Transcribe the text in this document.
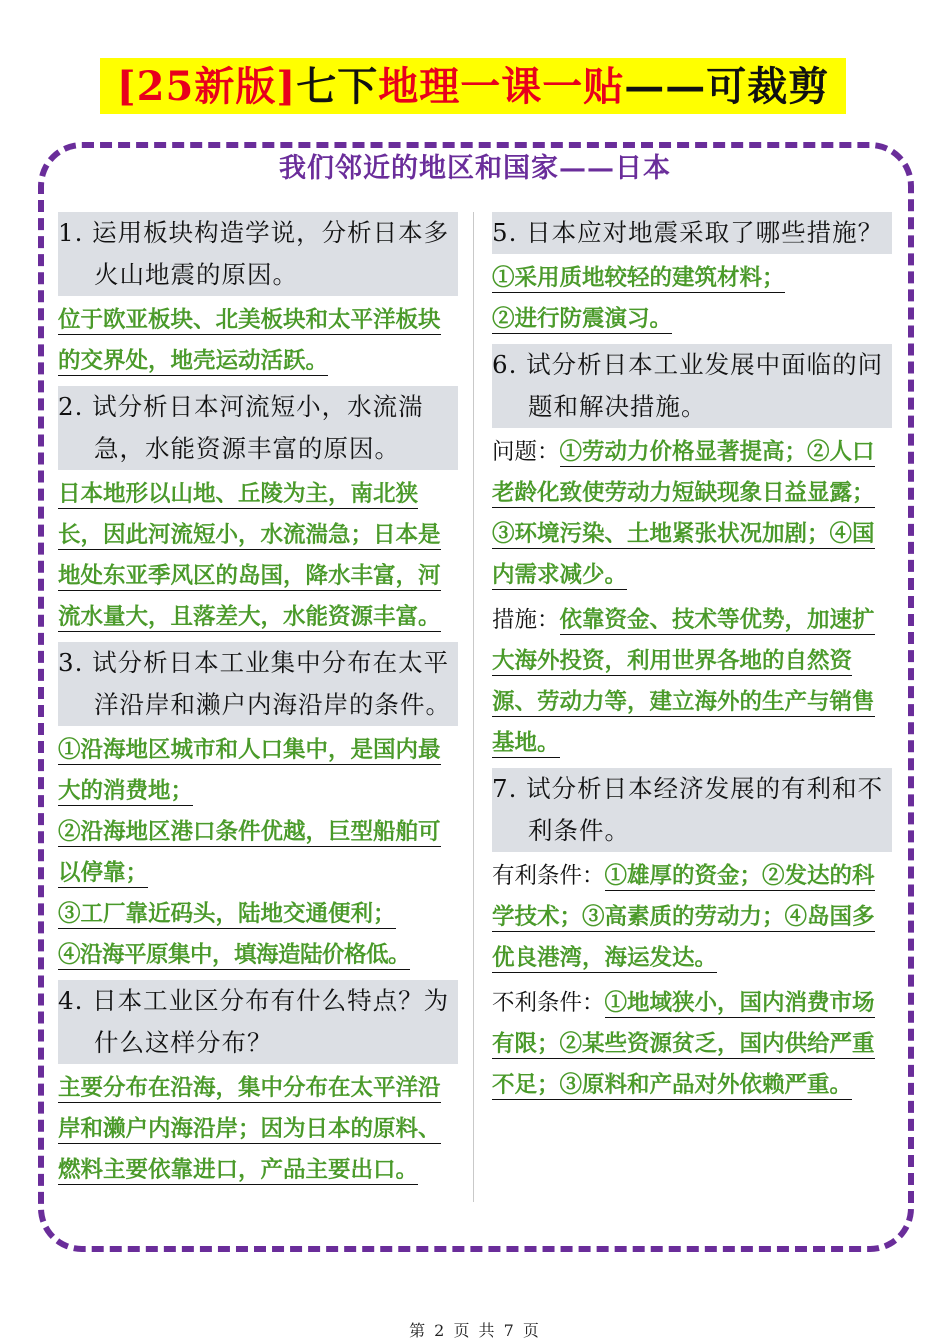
[25新版]七下地理一课一贴——可裁剪
我们邻近的地区和国家——日本
1. 运用板块构造学说，分析日本多火山地震的原因。
位于欧亚板块、北美板块和太平洋板块的交界处，地壳运动活跃。
2. 试分析日本河流短小，水流湍急，水能资源丰富的原因。
日本地形以山地、丘陵为主，南北狭长，因此河流短小，水流湍急；日本是地处东亚季风区的岛国，降水丰富，河流水量大，且落差大，水能资源丰富。
3. 试分析日本工业集中分布在太平洋沿岸和濑户内海沿岸的条件。
①沿海地区城市和人口集中，是国内最大的消费地；
②沿海地区港口条件优越，巨型船舶可以停靠；
③工厂靠近码头，陆地交通便利；
④沿海平原集中，填海造陆价格低。
4. 日本工业区分布有什么特点？为什么这样分布？
主要分布在沿海，集中分布在太平洋沿岸和濑户内海沿岸；因为日本的原料、燃料主要依靠进口，产品主要出口。
5. 日本应对地震采取了哪些措施？
①采用质地较轻的建筑材料；
②进行防震演习。
6. 试分析日本工业发展中面临的问题和解决措施。
问题：①劳动力价格显著提高；②人口老龄化致使劳动力短缺现象日益显露；③环境污染、土地紧张状况加剧；④国内需求减少。
措施：依靠资金、技术等优势，加速扩大海外投资，利用世界各地的自然资源、劳动力等，建立海外的生产与销售基地。
7. 试分析日本经济发展的有利和不利条件。
有利条件：①雄厚的资金；②发达的科学技术；③高素质的劳动力；④岛国多优良港湾，海运发达。
不利条件：①地域狭小，国内消费市场有限；②某些资源贫乏，国内供给严重不足；③原料和产品对外依赖严重。
第 2 页 共 7 页
